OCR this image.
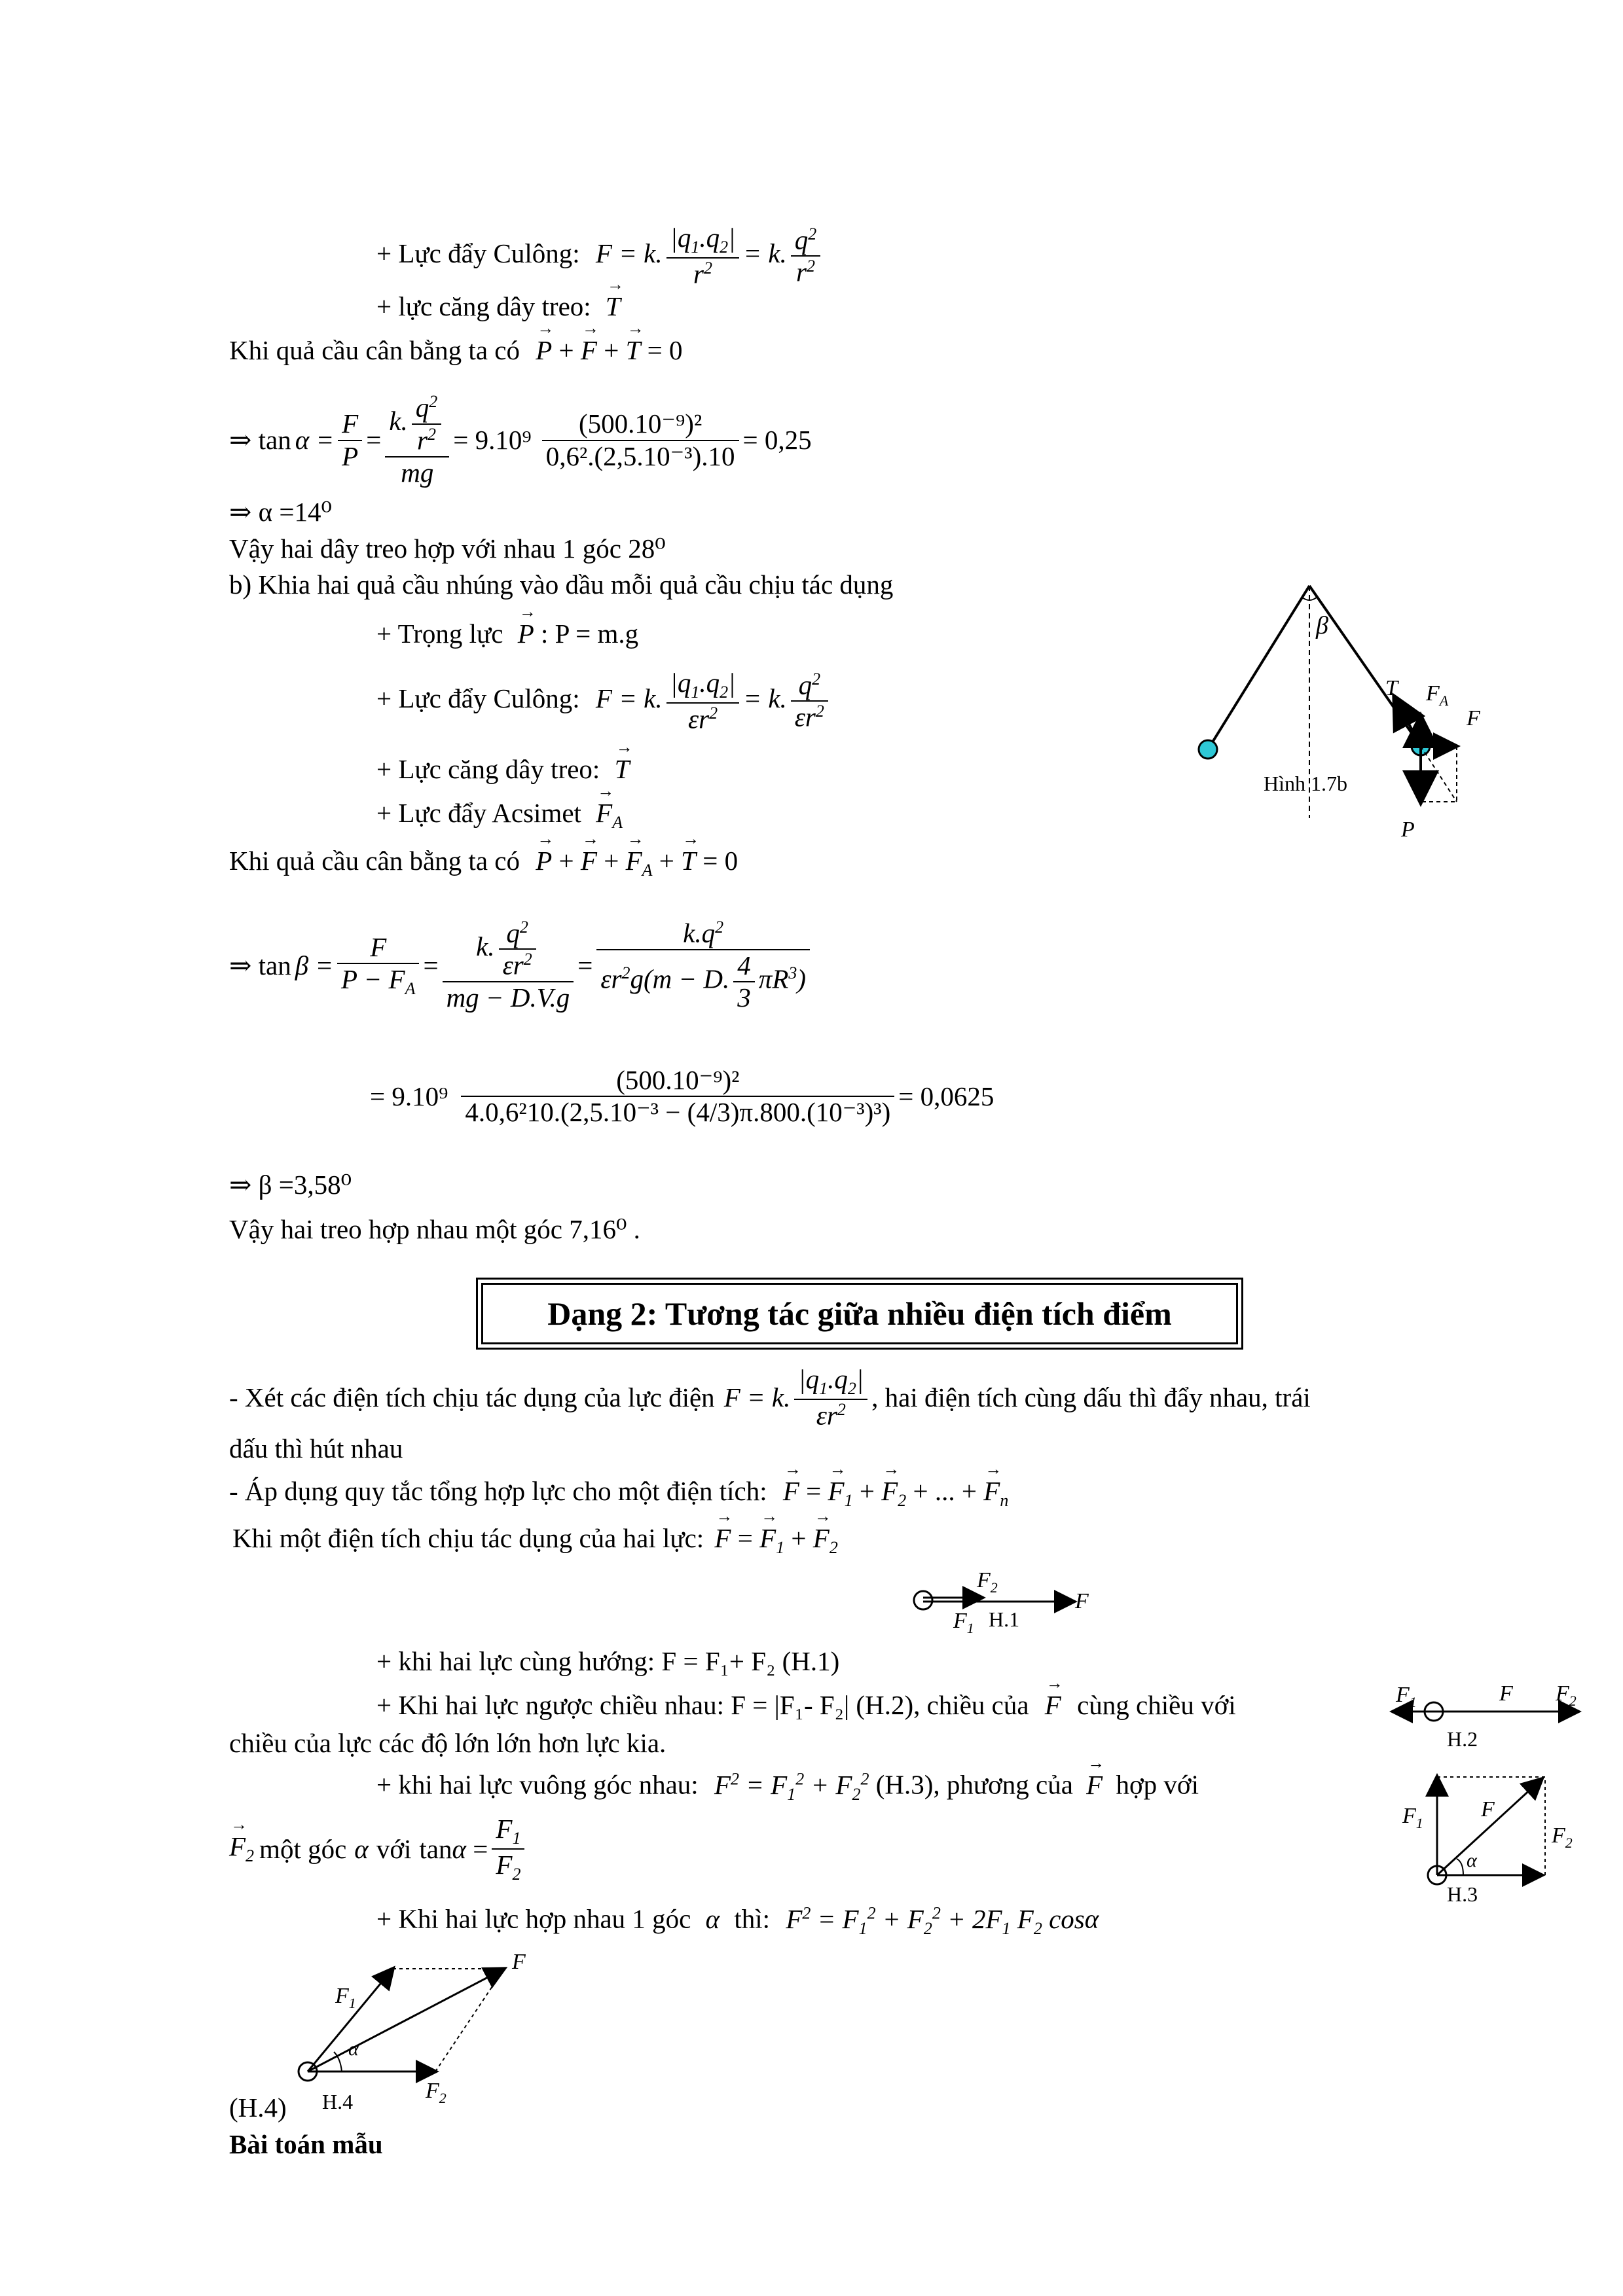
+ Lực đẩy Culông: F = k. $\frac{|q_1.q_2|}{r^2} = k$. $\frac{q^2}{r^2}$
+ lực căng dây treo: → T
Khi quả cầu cân bằng ta có → P + → F + → T = 0
⇒ $\tan \alpha = \frac{F}{P} = \frac{k. \frac{q^2}{r^2}}{mg} = 9.10^9 \frac{\text{(500.10⁻⁹)²}}{\text{0,6².(2,5.10⁻³).10}} = 0,25$
⇒ α =14⁰
Vậy hai dây treo hợp với nhau 1 góc 28⁰
b) Khia hai quả cầu nhúng vào dầu mỗi quả cầu chịu tác dụng
+ Trọng lực → P : P = m.g
+ Lực đẩy Culông: F = k. $\frac{|q_1.q_2|}{\varepsilon r^2} = k$. $\frac{q^2}{\varepsilon r^2}$
+ Lực căng dây treo: → T
+ Lực đẩy Acsimet → $F_A$
Khi quả cầu cân bằng ta có → P + → F + → $F_A$ + → T = 0
⇒ $\tan \beta = \frac{F}{P - F_A} = \frac{k. \frac{q^2}{\varepsilon r^2}}{mg - D.V.g} = \frac{k.q^2}{\varepsilon r^2g(m - D. \frac{4}{3} \pi R^3)}$
= $9.10^9 \frac{\text{(500.10⁻⁹)²}}{\text{4.0,6²10.(2,5.10⁻³ − (4/3)π.800.(10⁻³)³)}} = 0,0625$
⇒ β =3,58⁰
Vậy hai treo hợp nhau một góc 7,16⁰ .
β
T $F_A$
F
P
Hình 1.7b
Dạng 2: Tương tác giữa nhiều điện tích điểm
- Xét các điện tích chịu tác dụng của lực điện F = k. $\frac{|q_1.q_2|}{\varepsilon r^2}$ , hai điện tích cùng dấu thì đẩy nhau, trái
dấu thì hút nhau
- Áp dụng quy tắc tổng hợp lực cho một điện tích: → F = → $F_1$ + → $F_2$ + ... + → $F_n$
Khi một điện tích chịu tác dụng của hai lực: → F = → $F_1$ + → $F_2$
$F_2$
$F_1$ H.1
F
+ khi hai lực cùng hướng: F = F₁+ F₂ (H.1)
+ Khi hai lực ngược chiều nhau: F = |F₁- F₂| (H.2), chiều của → F cùng chiều với
chiều của lực các độ lớn lớn hơn lực kia.
$F_1$	F $F_2$
H.2
+ khi hai lực vuông góc nhau: $F^2 = F_1^2 + F_2^2$ (H.3), phương của → F hợp với
→ $F_2$ một góc α với $\tan\alpha = \frac{F_1}{F_2}$	$F_1$
F
$F_2$
α
H.3
+ Khi hai lực hợp nhau 1 góc α thì: $F^2 = F_1^2 + F_2^2 + 2F_1$ $F_2$ cosα
$F_1$
F
$F_2$
α
H.4
(H.4)
Bài toán mẫu
